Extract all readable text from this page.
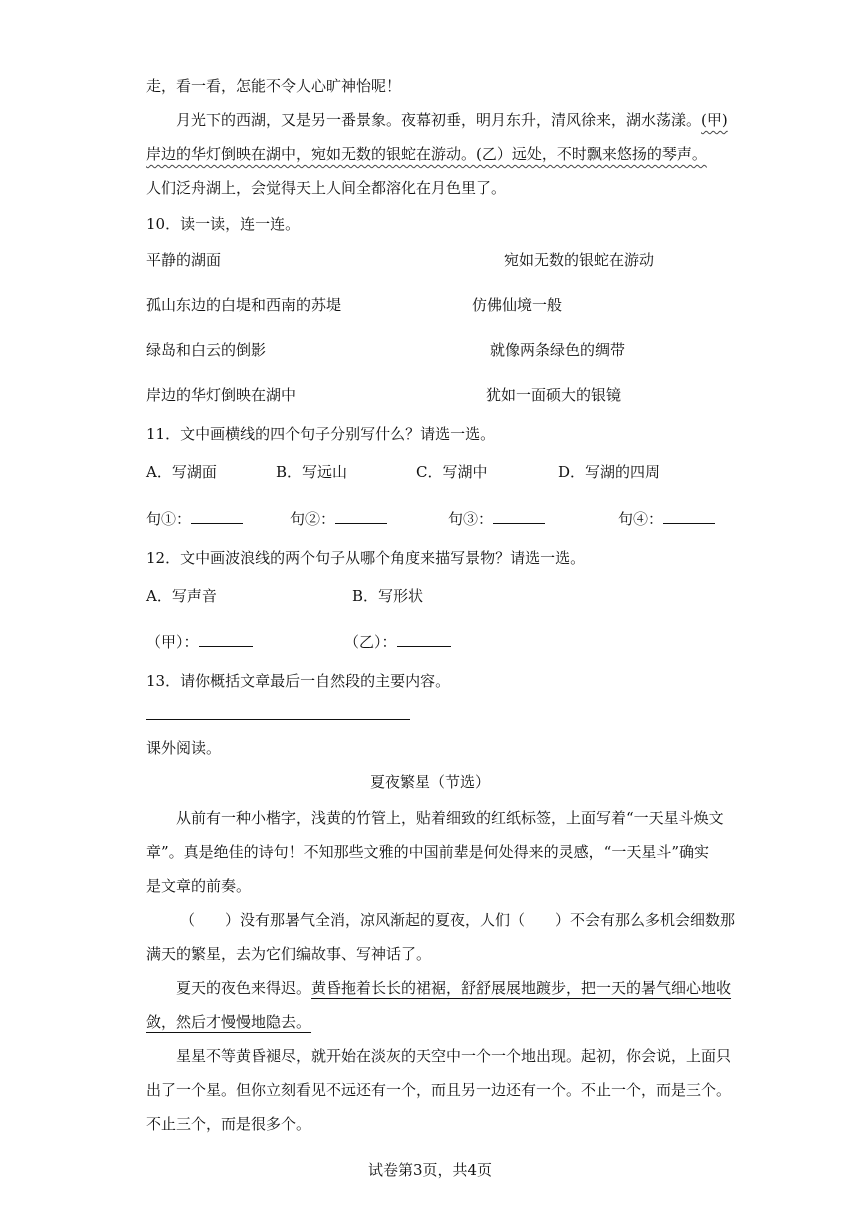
走，看一看，怎能不令人心旷神怡呢！
月光下的西湖，又是另一番景象。夜幕初垂，明月东升，清风徐来，湖水荡漾。(甲)
岸边的华灯倒映在湖中，宛如无数的银蛇在游动。(乙）远处，不时飘来悠扬的琴声。
人们泛舟湖上，会觉得天上人间全都溶化在月色里了。
10．读一读，连一连。
平静的湖面	宛如无数的银蛇在游动
孤山东边的白堤和西南的苏堤	仿佛仙境一般
绿岛和白云的倒影	就像两条绿色的绸带
岸边的华灯倒映在湖中	犹如一面硕大的银镜
11．文中画横线的四个句子分别写什么？请选一选。
A．写湖面	B．写远山	C．写湖中	D．写湖的四周
句①：	句②：	句③：	句④：
12．文中画波浪线的两个句子从哪个角度来描写景物？请选一选。
A．写声音	B．写形状
（甲）：	（乙）：
13．请你概括文章最后一自然段的主要内容。
课外阅读。
夏夜繁星（节选）
从前有一种小楷字，浅黄的竹管上，贴着细致的红纸标签，上面写着“一天星斗焕文
章”。真是绝佳的诗句！不知那些文雅的中国前辈是何处得来的灵感，“一天星斗”确实
是文章的前奏。
（　　）没有那暑气全消，凉风渐起的夏夜，人们（　　）不会有那么多机会细数那
满天的繁星，去为它们编故事、写神话了。
夏天的夜色来得迟。黄昏拖着长长的裙裾，舒舒展展地踱步，把一天的暑气细心地收
敛，然后才慢慢地隐去。
星星不等黄昏褪尽，就开始在淡灰的天空中一个一个地出现。起初，你会说，上面只
出了一个星。但你立刻看见不远还有一个，而且另一边还有一个。不止一个，而是三个。
不止三个，而是很多个。
试卷第3页，共4页
